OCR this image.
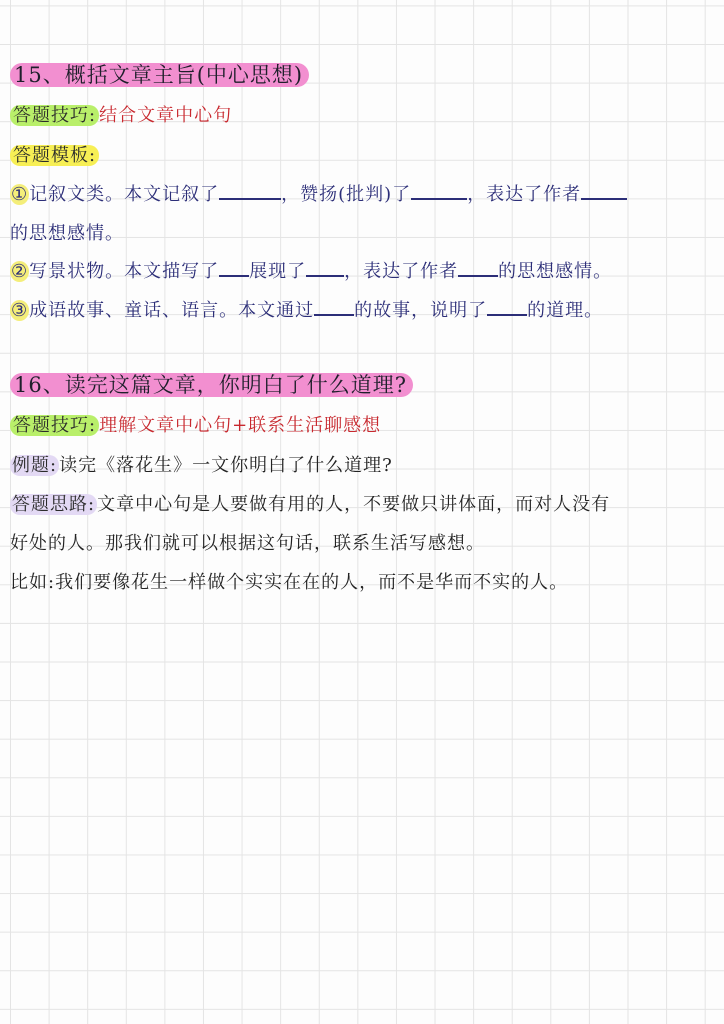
15、概括文章主旨(中心思想)
答题技巧: 结合文章中心句
答题模板:
①记叙文类。本文记叙了	，赞扬(批判)了	，表达了作者
的思想感情。
②写景状物。本文描写了 展现了 ，表达了作者 的思想感情。
③成语故事、童话、语言。本文通过 的故事，说明了 的道理。
16、读完这篇文章，你明白了什么道理?
答题技巧: 理解文章中心句+联系生活聊感想
例题: 读完《落花生》一文你明白了什么道理?
答题思路: 文章中心句是人要做有用的人，不要做只讲体面，而对人没有
好处的人。那我们就可以根据这句话，联系生活写感想。
比如:我们要像花生一样做个实实在在的人，而不是华而不实的人。
